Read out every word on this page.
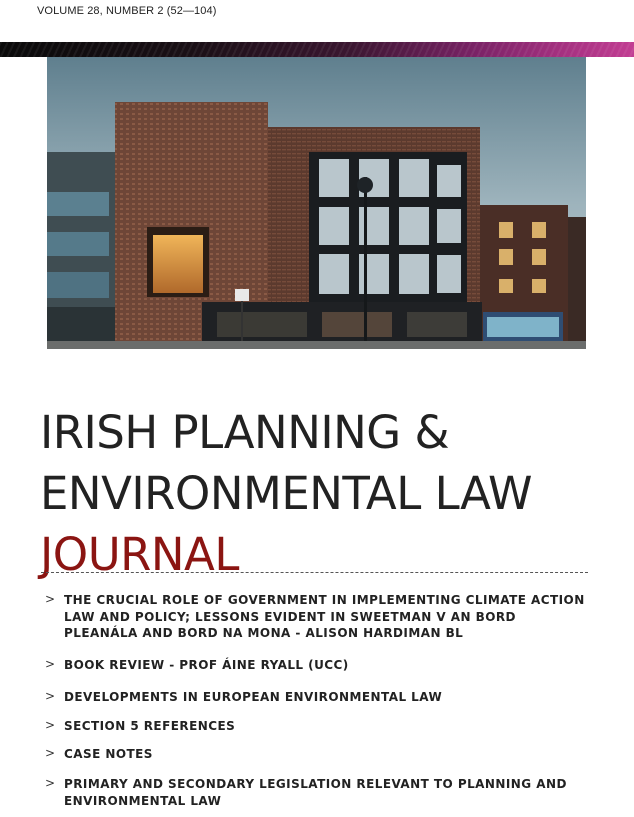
VOLUME 28, NUMBER 2 (52—104)
IRISH PLANNING &
ENVIRONMENTAL LAW
JOURNAL
> THE CRUCIAL ROLE OF GOVERNMENT IN IMPLEMENTING CLIMATE ACTION LAW AND POLICY; LESSONS EVIDENT IN SWEETMAN V AN BORD PLEANÁLA AND BORD NA MONA - ALISON HARDIMAN BL
> BOOK REVIEW - PROF ÁINE RYALL (UCC)
> DEVELOPMENTS IN EUROPEAN ENVIRONMENTAL LAW
> SECTION 5 REFERENCES
> CASE NOTES
> PRIMARY AND SECONDARY LEGISLATION RELEVANT TO PLANNING AND ENVIRONMENTAL LAW
